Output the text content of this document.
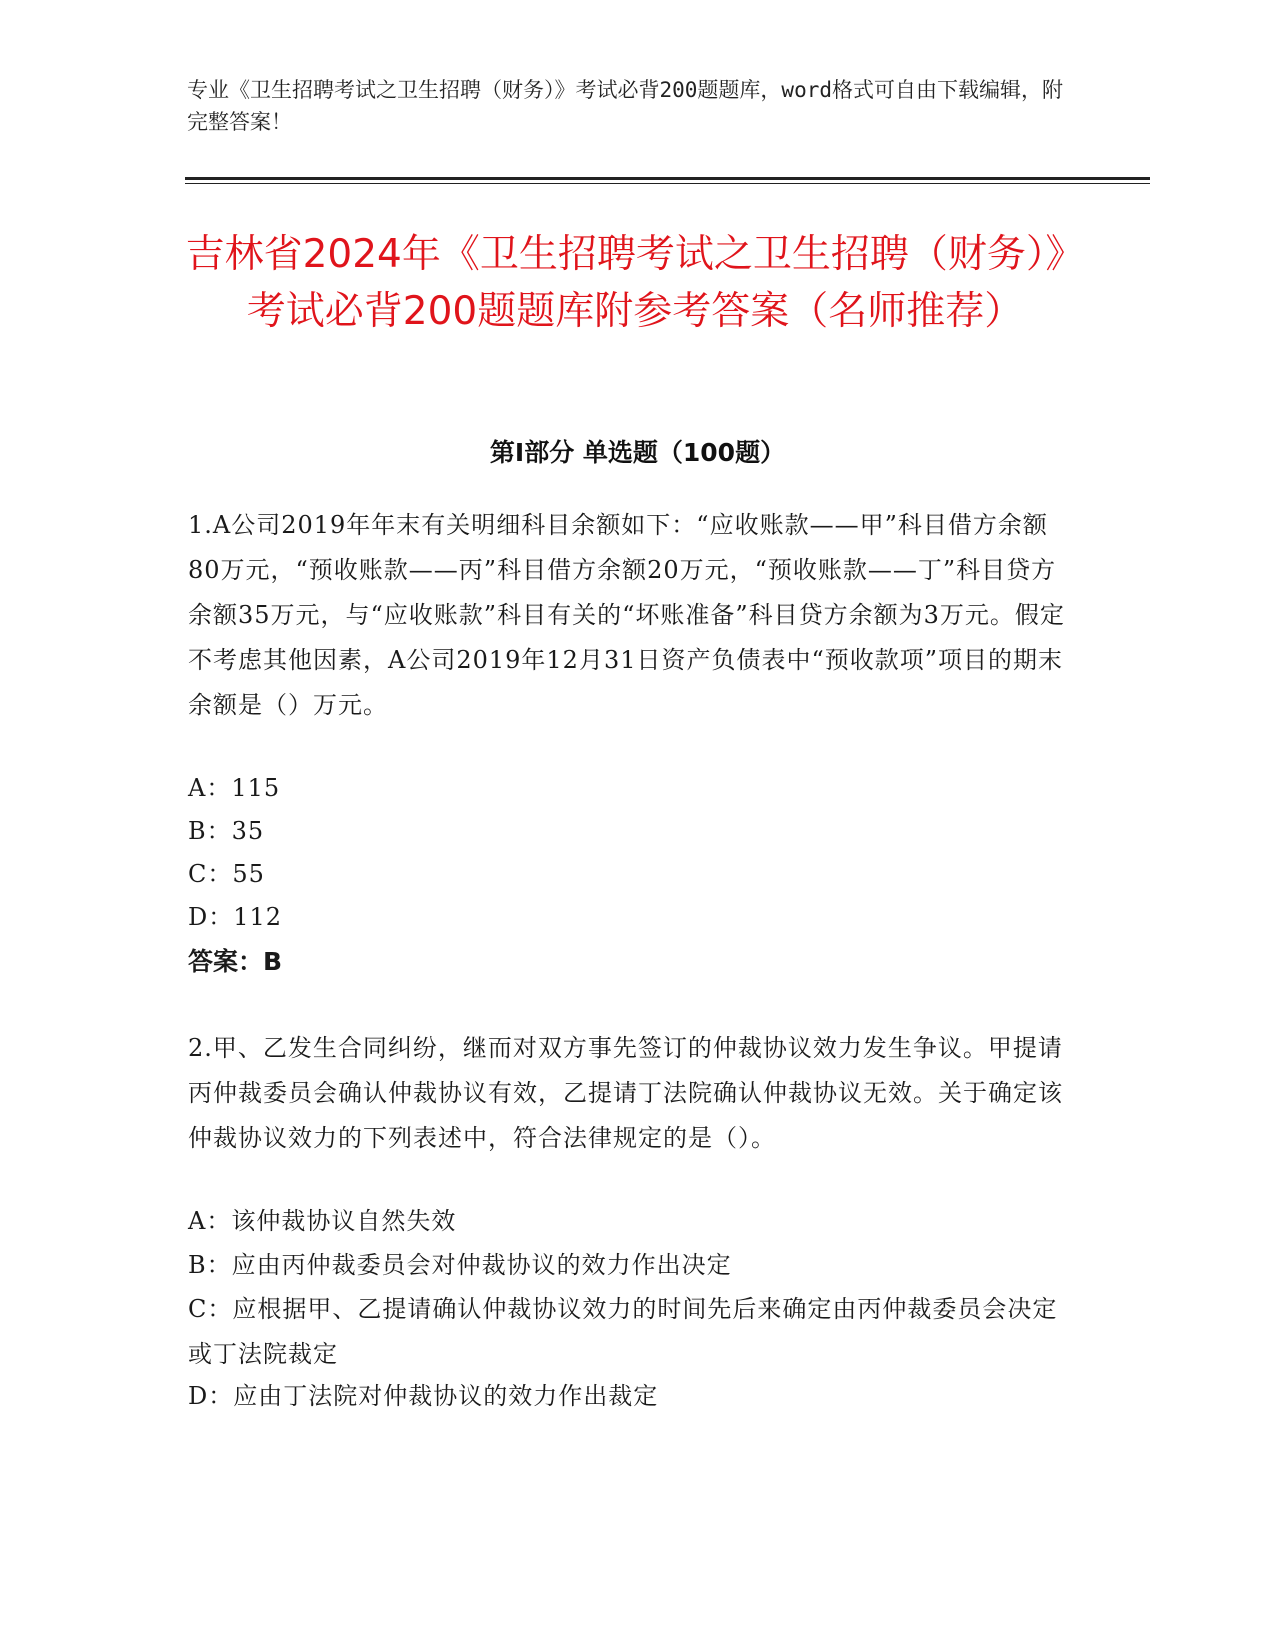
专业《卫生招聘考试之卫生招聘（财务）》考试必背200题题库，word格式可自由下载编辑，附完整答案！
吉林省2024年《卫生招聘考试之卫生招聘（财务）》考试必背200题题库附参考答案（名师推荐）
第I部分 单选题（100题）
1.A公司2019年年末有关明细科目余额如下：“应收账款——甲”科目借方余额80万元，“预收账款——丙”科目借方余额20万元，“预收账款——丁”科目贷方余额35万元，与“应收账款”科目有关的“坏账准备”科目贷方余额为3万元。假定不考虑其他因素，A公司2019年12月31日资产负债表中“预收款项”项目的期末余额是（）万元。
A：115
B：35
C：55
D：112
答案：B
2.甲、乙发生合同纠纷，继而对双方事先签订的仲裁协议效力发生争议。甲提请丙仲裁委员会确认仲裁协议有效，乙提请丁法院确认仲裁协议无效。关于确定该仲裁协议效力的下列表述中，符合法律规定的是（）。
A：该仲裁协议自然失效
B：应由丙仲裁委员会对仲裁协议的效力作出决定
C：应根据甲、乙提请确认仲裁协议效力的时间先后来确定由丙仲裁委员会决定或丁法院裁定
D：应由丁法院对仲裁协议的效力作出裁定
